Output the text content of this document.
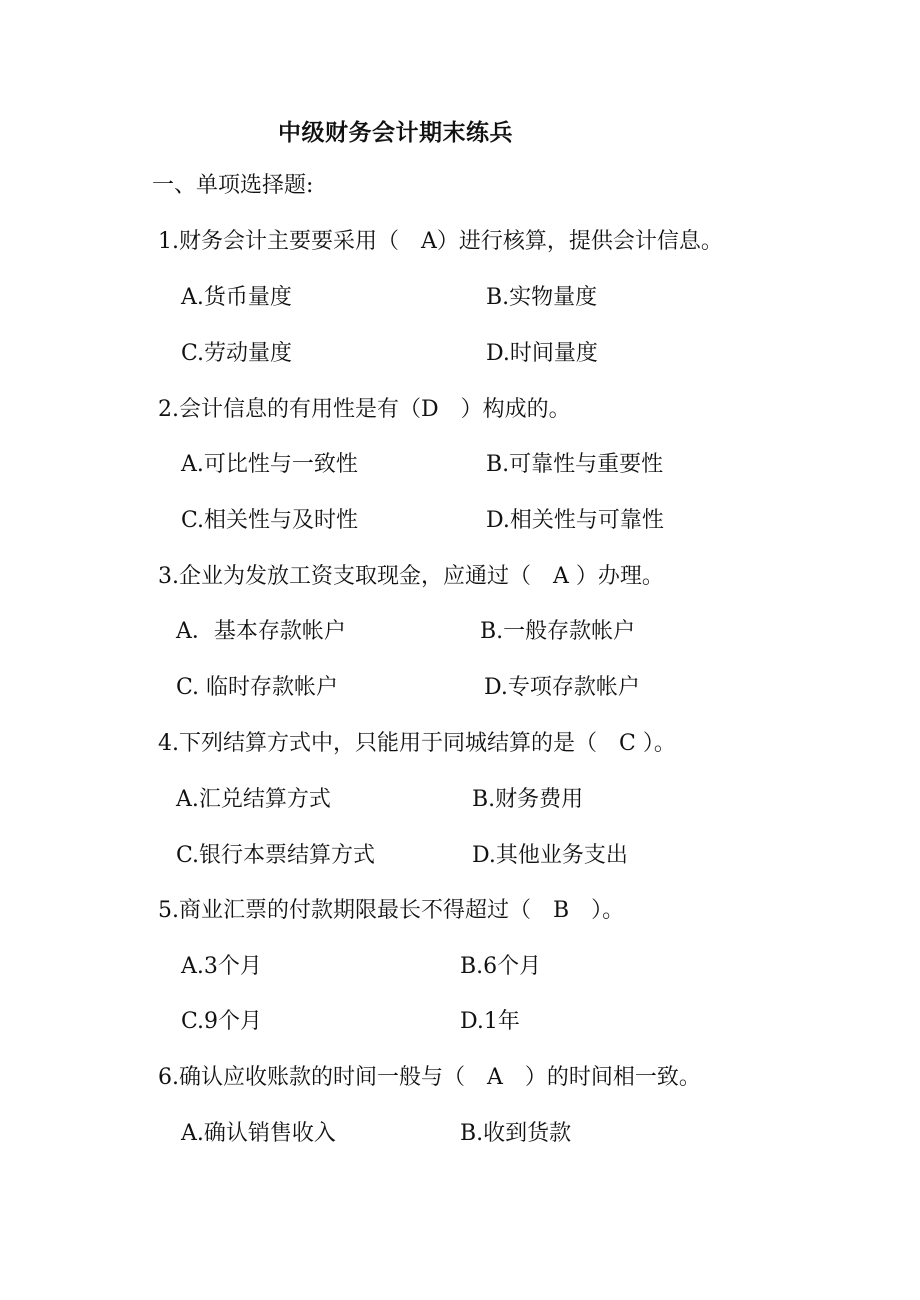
中级财务会计期末练兵
一、单项选择题:
1.财务会计主要要采用（　A）进行核算，提供会计信息。
A.货币量度	B.实物量度
C.劳动量度	D.时间量度
2.会计信息的有用性是有（D　）构成的。
A.可比性与一致性	B.可靠性与重要性
C.相关性与及时性	D.相关性与可靠性
3.企业为发放工资支取现金，应通过（　A ）办理。
A．基本存款帐户	B.一般存款帐户
C. 临时存款帐户	D.专项存款帐户
4.下列结算方式中，只能用于同城结算的是（　C ）。
A.汇兑结算方式	B.财务费用
C.银行本票结算方式	D.其他业务支出
5.商业汇票的付款期限最长不得超过（　B　）。
A.3个月	B.6个月
C.9个月	D.1年
6.确认应收账款的时间一般与（　A　）的时间相一致。
A.确认销售收入	B.收到货款
